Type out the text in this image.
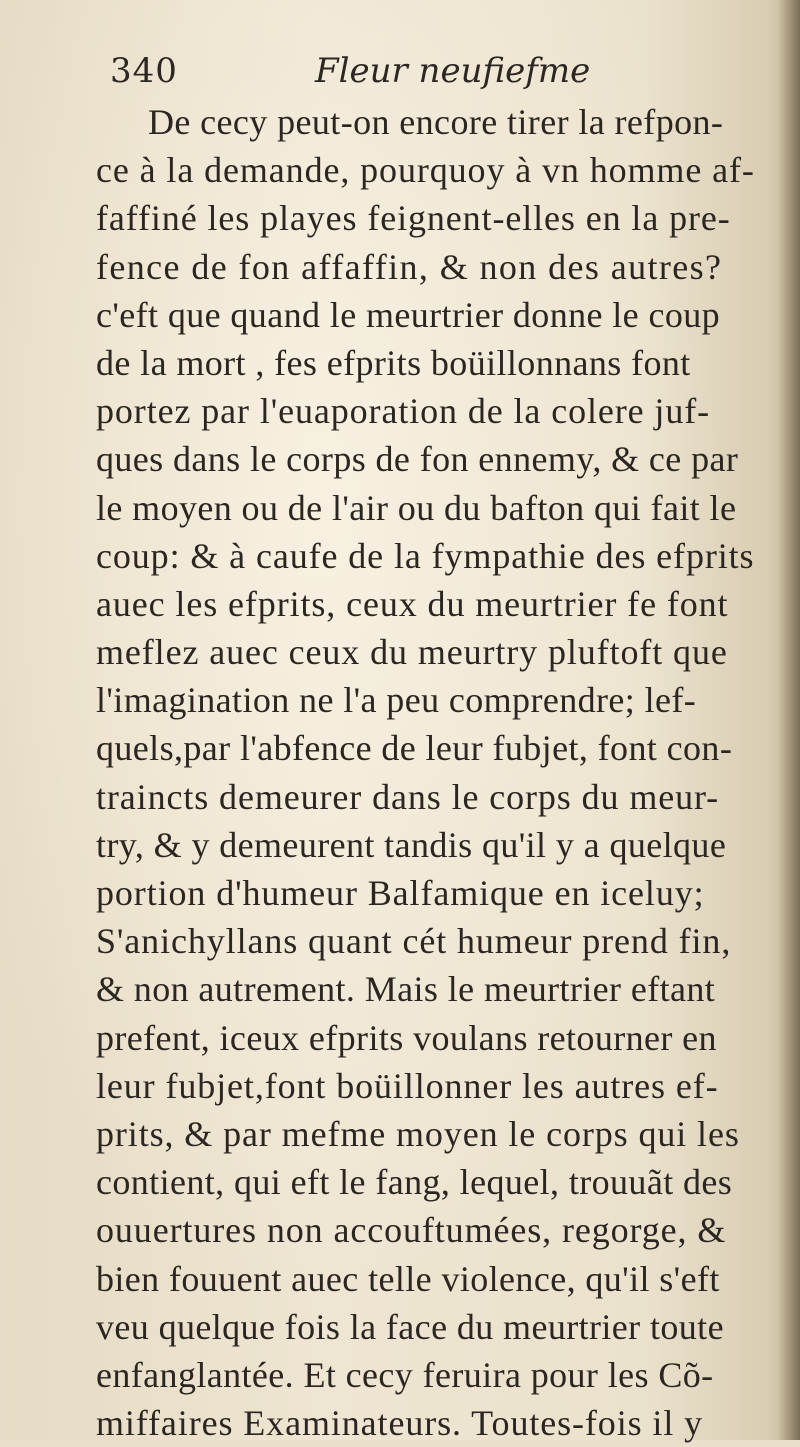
340	Fleur neufiefme
De cecy peut-on encore tirer la refpon-
ce à la demande, pourquoy à vn homme af-
faffiné les playes feignent-elles en la pre-
fence de fon affaffin, & non des autres?
c'eft que quand le meurtrier donne le coup
de la mort , fes efprits boüillonnans font
portez par l'euaporation de la colere juf-
ques dans le corps de fon ennemy, & ce par
le moyen ou de l'air ou du bafton qui fait le
coup: & à caufe de la fympathie des efprits
auec les efprits, ceux du meurtrier fe font
meflez auec ceux du meurtry pluftoft que
l'imagination ne l'a peu comprendre; lef-
quels,par l'abfence de leur fubjet, font con-
traincts demeurer dans le corps du meur-
try, & y demeurent tandis qu'il y a quelque
portion d'humeur Balfamique en iceluy;
S'anichyllans quant cét humeur prend fin,
& non autrement. Mais le meurtrier eftant
prefent, iceux efprits voulans retourner en
leur fubjet,font boüillonner les autres ef-
prits, & par mefme moyen le corps qui les
contient, qui eft le fang, lequel, trouuãt des
ouuertures non accouftumées, regorge, &
bien fouuent auec telle violence, qu'il s'eft
veu quelque fois la face du meurtrier toute
enfanglantée. Et cecy feruira pour les Cõ-
miffaires Examinateurs. Toutes-fois il y
